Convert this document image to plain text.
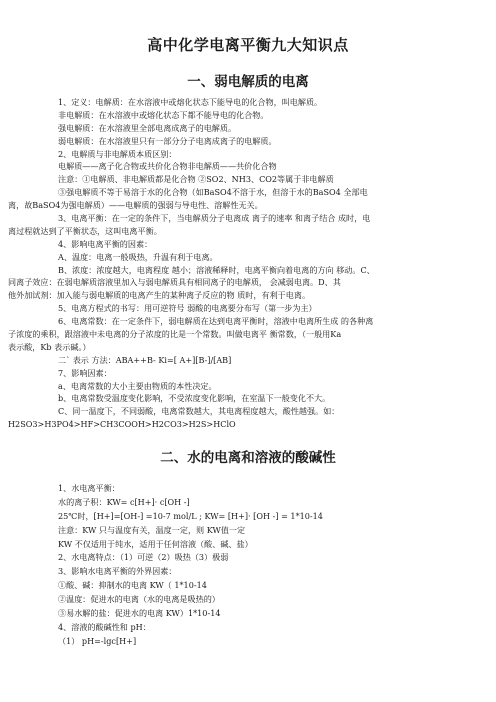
高中化学电离平衡九大知识点
一、弱电解质的电离
1、定义：电解质：在水溶液中或熔化状态下能导电的化合物，叫电解质。
非电解质：在水溶液中或熔化状态下都不能导电的化合物。
强电解质：在水溶液里全部电离成离子的电解质。
弱电解质：在水溶液里只有一部分分子电离成离子的电解质。
2、电解质与非电解质本质区别：
电解质——离子化合物或共价化合物非电解质——共价化合物
注意：①电解质、非电解质都是化合物 ②SO2、NH3、CO2等属于非电解质
③强电解质不等于易溶于水的化合物（如BaSO4不溶于水，但溶于水的BaSO4 全部电
离，故BaSO4为强电解质）——电解质的强弱与导电性、溶解性无关。
3、电离平衡：在一定的条件下，当电解质分子电离成 离子的速率 和离子结合 成时，电
离过程就达到了平衡状态，这叫电离平衡。
4、影响电离平衡的因素：
A、温度：电离一般吸热，升温有利于电离。
B、浓度：浓度越大，电离程度 越小；溶液稀释时，电离平衡向着电离的方向 移动。C、
同离子效应：在弱电解质溶液里加入与弱电解质具有相同离子的电解质， 会减弱电离。D、其
他外加试剂：加入能与弱电解质的电离产生的某种离子反应的物 质时，有利于电离。
5、电离方程式的书写：用可逆符号 弱酸的电离要分布写（第一步为主）
6、电离常数：在一定条件下，弱电解质在达到电离平衡时，溶液中电离所生成 的各种离
子浓度的乘积，跟溶液中未电离的分子浓度的比是一个常数。叫做电离平 衡常数，（一般用Ka
表示酸，Kb 表示碱。）
二` 表示 方法：ABA++B- Ki=[ A+][B-]/[AB]
7、影响因素：
a、电离常数的大小主要由物质的本性决定。
b、电离常数受温度变化影响，不受浓度变化影响，在室温下一般变化不大。
C、同一温度下，不同弱酸，电离常数越大，其电离程度越大，酸性越强。如：
H2SO3>H3PO4>HF>CH3COOH>H2CO3>H2S>HClO
二、水的电离和溶液的酸碱性
1、水电离平衡：
水的离子积：KW= c[H+]· c[OH -]
25℃时，[H+]=[OH-] =10-7 mol/L ; KW= [H+]· [OH -] = 1*10-14
注意：KW 只与温度有关，温度一定，则 KW值一定
KW 不仅适用于纯水，适用于任何溶液（酸、碱、盐）
2、水电离特点：（1）可逆（2）吸热（3）极弱
3、影响水电离平衡的外界因素：
①酸、碱：抑制水的电离 KW（ 1*10-14
②温度：促进水的电离（水的电离是吸热的）
③易水解的盐：促进水的电离 KW）1*10-14
4、溶液的酸碱性和 pH：
（1） pH=-lgc[H+]
